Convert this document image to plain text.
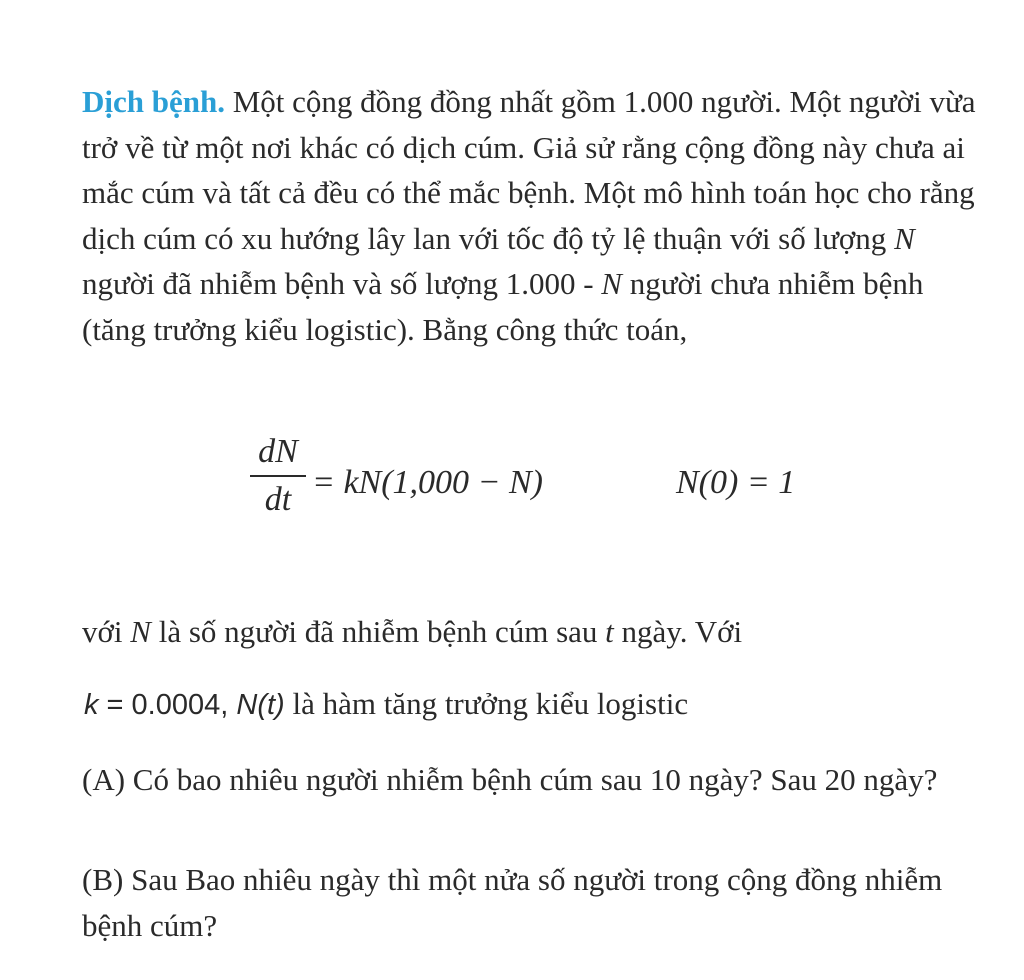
Dịch bệnh. Một cộng đồng đồng nhất gồm 1.000 người. Một người vừa trở về từ một nơi khác có dịch cúm. Giả sử rằng cộng đồng này chưa ai mắc cúm và tất cả đều có thể mắc bệnh. Một mô hình toán học cho rằng dịch cúm có xu hướng lây lan với tốc độ tỷ lệ thuận với số lượng N người đã nhiễm bệnh và số lượng 1.000 - N người chưa nhiễm bệnh (tăng trưởng kiểu logistic). Bằng công thức toán,

dN
dt = kN(1,000 − N)	N(0) = 1

với N là số người đã nhiễm bệnh cúm sau t ngày. Với

k = 0.0004, N(t) là hàm tăng trưởng kiểu logistic

(A) Có bao nhiêu người nhiễm bệnh cúm sau 10 ngày? Sau 20 ngày?

(B) Sau Bao nhiêu ngày thì một nửa số người trong cộng đồng nhiễm bệnh cúm?
